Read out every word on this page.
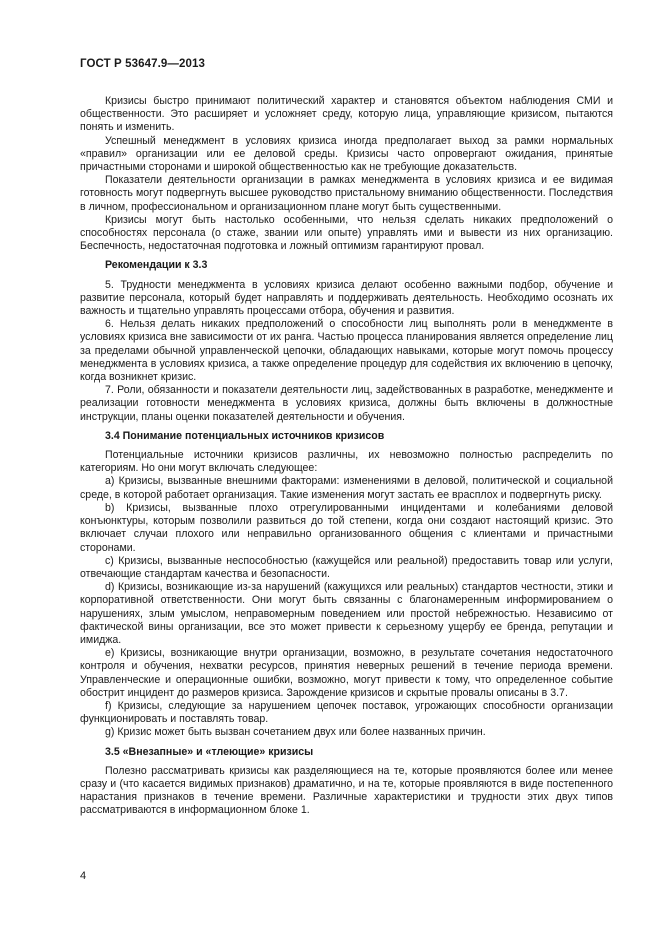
ГОСТ Р 53647.9—2013

Кризисы быстро принимают политический характер и становятся объектом наблюдения СМИ и общественности. Это расширяет и усложняет среду, которую лица, управляющие кризисом, пытаются понять и изменить.

Успешный менеджмент в условиях кризиса иногда предполагает выход за рамки нормальных «правил» организации или ее деловой среды. Кризисы часто опровергают ожидания, принятые причастными сторонами и широкой общественностью как не требующие доказательств.

Показатели деятельности организации в рамках менеджмента в условиях кризиса и ее видимая готовность могут подвергнуть высшее руководство пристальному вниманию общественности. Последствия в личном, профессиональном и организационном плане могут быть существенными.

Кризисы могут быть настолько особенными, что нельзя сделать никаких предположений о способностях персонала (о стаже, звании или опыте) управлять ими и вывести из них организацию. Беспечность, недостаточная подготовка и ложный оптимизм гарантируют провал.

Рекомендации к 3.3

5. Трудности менеджмента в условиях кризиса делают особенно важными подбор, обучение и развитие персонала, который будет направлять и поддерживать деятельность. Необходимо осознать их важность и тщательно управлять процессами отбора, обучения и развития.

6. Нельзя делать никаких предположений о способности лиц выполнять роли в менеджменте в условиях кризиса вне зависимости от их ранга. Частью процесса планирования является определение лиц за пределами обычной управленческой цепочки, обладающих навыками, которые могут помочь процессу менеджмента в условиях кризиса, а также определение процедур для содействия их включению в цепочку, когда возникнет кризис.

7. Роли, обязанности и показатели деятельности лиц, задействованных в разработке, менеджменте и реализации готовности менеджмента в условиях кризиса, должны быть включены в должностные инструкции, планы оценки показателей деятельности и обучения.

3.4 Понимание потенциальных источников кризисов

Потенциальные источники кризисов различны, их невозможно полностью распределить по категориям. Но они могут включать следующее:

a) Кризисы, вызванные внешними факторами: изменениями в деловой, политической и социальной среде, в которой работает организация. Такие изменения могут застать ее врасплох и подвергнуть риску.

b) Кризисы, вызванные плохо отрегулированными инцидентами и колебаниями деловой конъюнктуры, которым позволили развиться до той степени, когда они создают настоящий кризис. Это включает случаи плохого или неправильно организованного общения с клиентами и причастными сторонами.

c) Кризисы, вызванные неспособностью (кажущейся или реальной) предоставить товар или услуги, отвечающие стандартам качества и безопасности.

d) Кризисы, возникающие из-за нарушений (кажущихся или реальных) стандартов честности, этики и корпоративной ответственности. Они могут быть связанны с благонамеренным информированием о нарушениях, злым умыслом, неправомерным поведением или простой небрежностью. Независимо от фактической вины организации, все это может привести к серьезному ущербу ее бренда, репутации и имиджа.

e) Кризисы, возникающие внутри организации, возможно, в результате сочетания недостаточного контроля и обучения, нехватки ресурсов, принятия неверных решений в течение периода времени. Управленческие и операционные ошибки, возможно, могут привести к тому, что определенное событие обострит инцидент до размеров кризиса. Зарождение кризисов и скрытые провалы описаны в 3.7.

f) Кризисы, следующие за нарушением цепочек поставок, угрожающих способности организации функционировать и поставлять товар.

g) Кризис может быть вызван сочетанием двух или более названных причин.

3.5 «Внезапные» и «тлеющие» кризисы

Полезно рассматривать кризисы как разделяющиеся на те, которые проявляются более или менее сразу и (что касается видимых признаков) драматично, и на те, которые проявляются в виде постепенного нарастания признаков в течение времени. Различные характеристики и трудности этих двух типов рассматриваются в информационном блоке 1.

4
